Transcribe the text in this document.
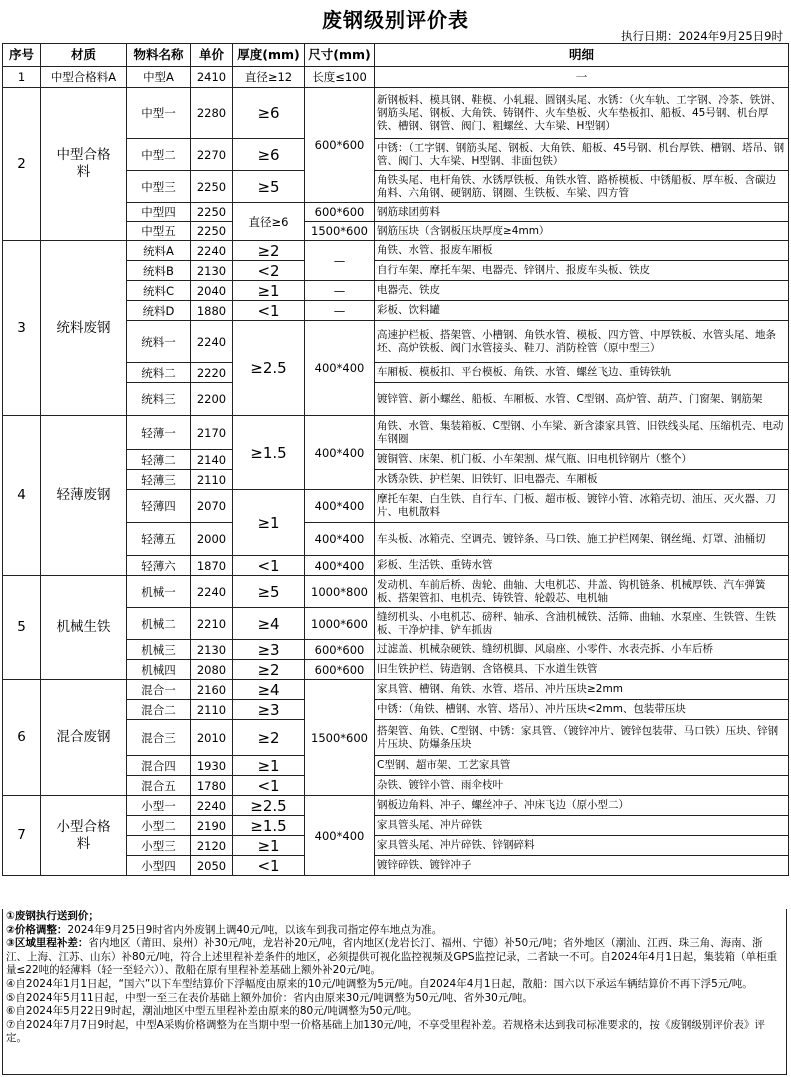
废钢级别评价表
执行日期：2024年9月25日9时
序号	材质	物料名称	单价	厚度(mm)	尺寸(mm)	明细
1	中型合格料A	中型A	2410	直径≥12	长度≤100	一
2	中型合格料	中型一	2280	≥6	600*600	新钢板料、模具钢、鞋模、小轧辊、圆钢头尾、水锈：（火车轨、工字钢、冷茶、铁饼、钢筋头尾、钢板、大角铁、铸钢件、火车垫板、火车垫板扣、船板、45号钢、机台厚铁、槽钢、钢管、阀门、粗螺丝、大车梁、H型钢）
		中型二	2270	≥6		中锈：（工字钢、钢筋头尾、钢板、大角铁、船板、45号钢、机台厚铁、槽钢、塔吊、钢管、阀门、大车梁、H型钢、非面包铁）
		中型三	2250	≥5		角铁头尾、电杆角铁、水锈厚铁板、角铁水管、路桥模板、中锈船板、厚车板、含碳边角料、六角钢、硬钢筋、钢圈、生铁板、车梁、四方管
		中型四	2250	直径≥6	600*600	钢筋球团剪料
		中型五	2250		1500*600	钢筋压块（含钢板压块厚度≥4mm）
3	统料废钢	统料A	2240	≥2	—	角铁、水管、报废车厢板
		统料B	2130	<2		自行车架、摩托车架、电器壳、锌钢片、报废车头板、铁皮
		统料C	2040	≥1	—	电器壳、铁皮
		统料D	1880	<1	—	彩板、饮料罐
		统料一	2240	≥2.5	400*400	高速护栏板、搭架管、小槽钢、角铁水管、模板、四方管、中厚铁板、水管头尾、地条坯、高炉铁板、阀门水管接头、鞋刀、消防栓管（原中型三）
		统料二	2220			车厢板、模板扣、平台模板、角铁、水管、螺丝飞边、重铸铁轨
		统料三	2200			镀锌管、新小螺丝、船板、车厢板、水管、C型钢、高炉管、葫芦、门窗架、钢筋架
4	轻薄废钢	轻薄一	2170	≥1.5	400*400	角铁、水管、集装箱板、C型钢、小车梁、新含漆家具管、旧铁线头尾、压缩机壳、电动车钢圈
		轻薄二	2140			镀铜管、床架、机门板、小车架割、煤气瓶、旧电机锌钢片（整个）
		轻薄三	2110			水锈杂铁、护栏架、旧铁钉、旧电器壳、车厢板
		轻薄四	2070	≥1	400*400	摩托车架、白生铁、自行车、门板、超市板、镀锌小管、冰箱壳切、油压、灭火器、刀片、电机散料
		轻薄五	2000		400*400	车头板、冰箱壳、空调壳、镀锌条、马口铁、施工护栏网架、钢丝绳、灯罩、油桶切
		轻薄六	1870	<1	400*400	彩板、生活铁、重铸水管
5	机械生铁	机械一	2240	≥5	1000*800	发动机、车前后桥、齿轮、曲轴、大电机芯、井盖、钩机链条、机械厚铁、汽车弹簧板、搭架管扣、电机壳、铸铁管、轮毂芯、电机轴
		机械二	2210	≥4	1000*600	缝纫机头、小电机芯、磅秤、轴承、含油机械铁、活筛、曲轴、水泵座、生铁管、生铁板、干净炉排、铲车抓齿
		机械三	2130	≥3	600*600	过滤盖、机械杂硬铁、缝纫机脚、风扇座、小零件、水表壳拆、小车后桥
		机械四	2080	≥2	600*600	旧生铁护栏、铸造钢、含铬模具、下水道生铁管
6	混合废钢	混合一	2160	≥4	1500*600	家具管、槽钢、角铁、水管、塔吊、冲片压块≥2mm
		混合二	2110	≥3		中锈：（角铁、槽钢、水管、塔吊）、冲片压块<2mm、包装带压块
		混合三	2010	≥2		搭架管、角铁、C型钢、中锈：家具管、（镀锌冲片、镀锌包装带、马口铁）压块、锌钢片压块、防爆条压块
		混合四	1930	≥1		C型钢、超市架、工艺家具管
		混合五	1780	<1		杂铁、镀锌小管、雨伞枝叶
7	小型合格料	小型一	2240	≥2.5	400*400	钢板边角料、冲子、螺丝冲子、冲床飞边（原小型二）
		小型二	2190	≥1.5		家具管头尾、冲片碎铁
		小型三	2120	≥1		家具管头尾、冲片碎铁、锌钢碎料
		小型四	2050	<1		镀锌碎铁、镀锌冲子

①废钢执行送到价；

②价格调整：2024年9月25日9时省内外废钢上调40元/吨，以该车到我司指定停车地点为准。

③区域里程补差：省内地区（莆田、泉州）补30元/吨，龙岩补20元/吨，省内地区(龙岩长汀、福州、宁德）补50元/吨；省外地区（潮汕、江西、珠三角、海南、浙江、上海、江苏、山东）补80元/吨，符合上述里程补差条件的地区，必须提供可视化监控视频及GPS监控记录，二者缺一不可。自2024年4月1日起，集装箱（单柜重量≤22吨的轻薄料（轻一至轻六））、散船在原有里程补差基础上额外补20元/吨。

④自2024年1月1日起，“国六”以下车型结算价下浮幅度由原来的10元/吨调整为5元/吨。自2024年4月1日起，散船：国六以下承运车辆结算价不再下浮5元/吨。

⑤自2024年5月11日起，中型一至三在表价基础上额外加价：省内由原来30元/吨调整为50元/吨、省外30元/吨。

⑥自2024年5月22日9时起，潮汕地区中型五里程补差由原来的80元/吨调整为50元/吨。

⑦自2024年7月7日9时起，中型A采购价格调整为在当期中型一价格基础上加130元/吨，不享受里程补差。若规格未达到我司标准要求的，按《废钢级别评价表》评定。
